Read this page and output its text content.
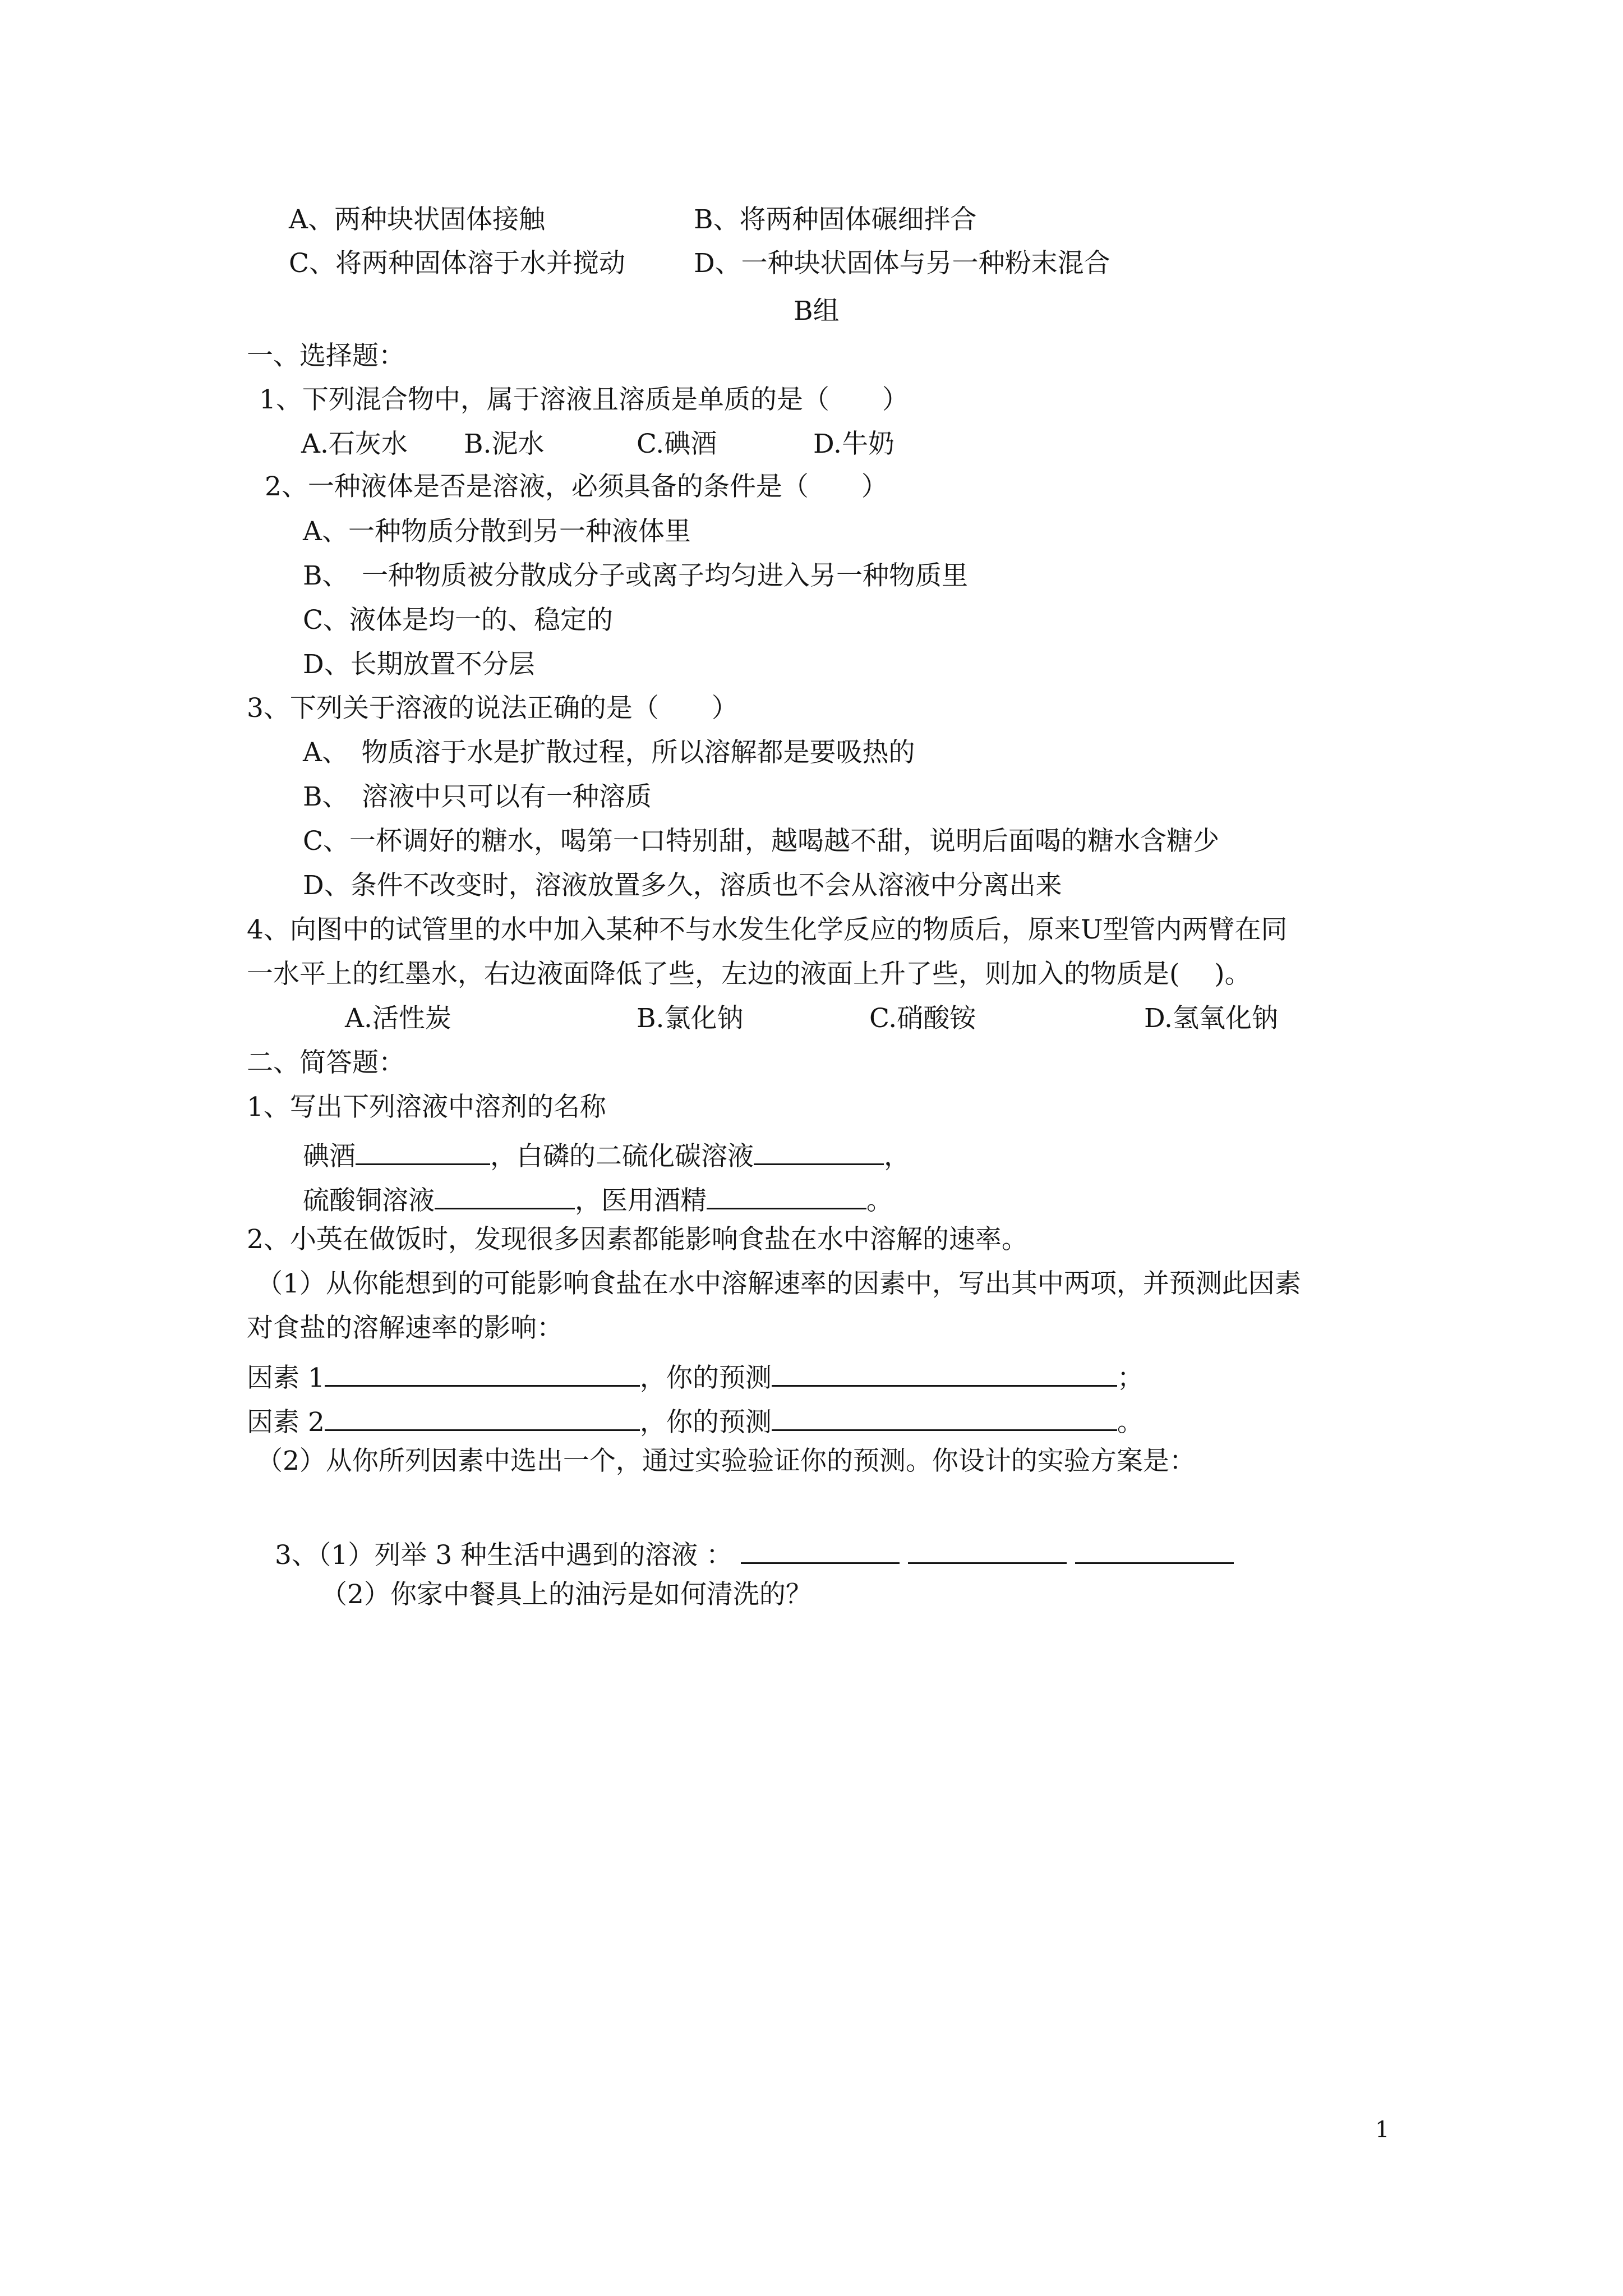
A、两种块状固体接触	B、将两种固体碾细拌合
C、将两种固体溶于水并搅动	D、一种块状固体与另一种粉末混合
B组
一、选择题：
1、下列混合物中，属于溶液且溶质是单质的是（　　）
A.石灰水 B.泥水	C.碘酒	D.牛奶
2、一种液体是否是溶液，必须具备的条件是（　　）
A、一种物质分散到另一种液体里
B、　一种物质被分散成分子或离子均匀进入另一种物质里
C、液体是均一的、稳定的
D、长期放置不分层
3、下列关于溶液的说法正确的是（　　）
A、　物质溶于水是扩散过程，所以溶解都是要吸热的
B、　溶液中只可以有一种溶质
C、一杯调好的糖水，喝第一口特别甜，越喝越不甜，说明后面喝的糖水含糖少
D、条件不改变时，溶液放置多久，溶质也不会从溶液中分离出来
4、向图中的试管里的水中加入某种不与水发生化学反应的物质后，原来U型管内两臂在同
一水平上的红墨水，右边液面降低了些，左边的液面上升了些，则加入的物质是(　 )。
A.活性炭	B.氯化钠	C.硝酸铵	D.氢氧化钠
二、简答题：
1、写出下列溶液中溶剂的名称
碘酒	，白磷的二硫化碳溶液	，
硫酸铜溶液	，医用酒精	。
2、小英在做饭时，发现很多因素都能影响食盐在水中溶解的速率。
（1）从你能想到的可能影响食盐在水中溶解速率的因素中，写出其中两项，并预测此因素
对食盐的溶解速率的影响：
因素 1	，你的预测	；
因素 2	，你的预测	。
（2）从你所列因素中选出一个，通过实验验证你的预测。你设计的实验方案是：
3、（1）列举 3 种生活中遇到的溶液 ：
（2）你家中餐具上的油污是如何清洗的？
1
